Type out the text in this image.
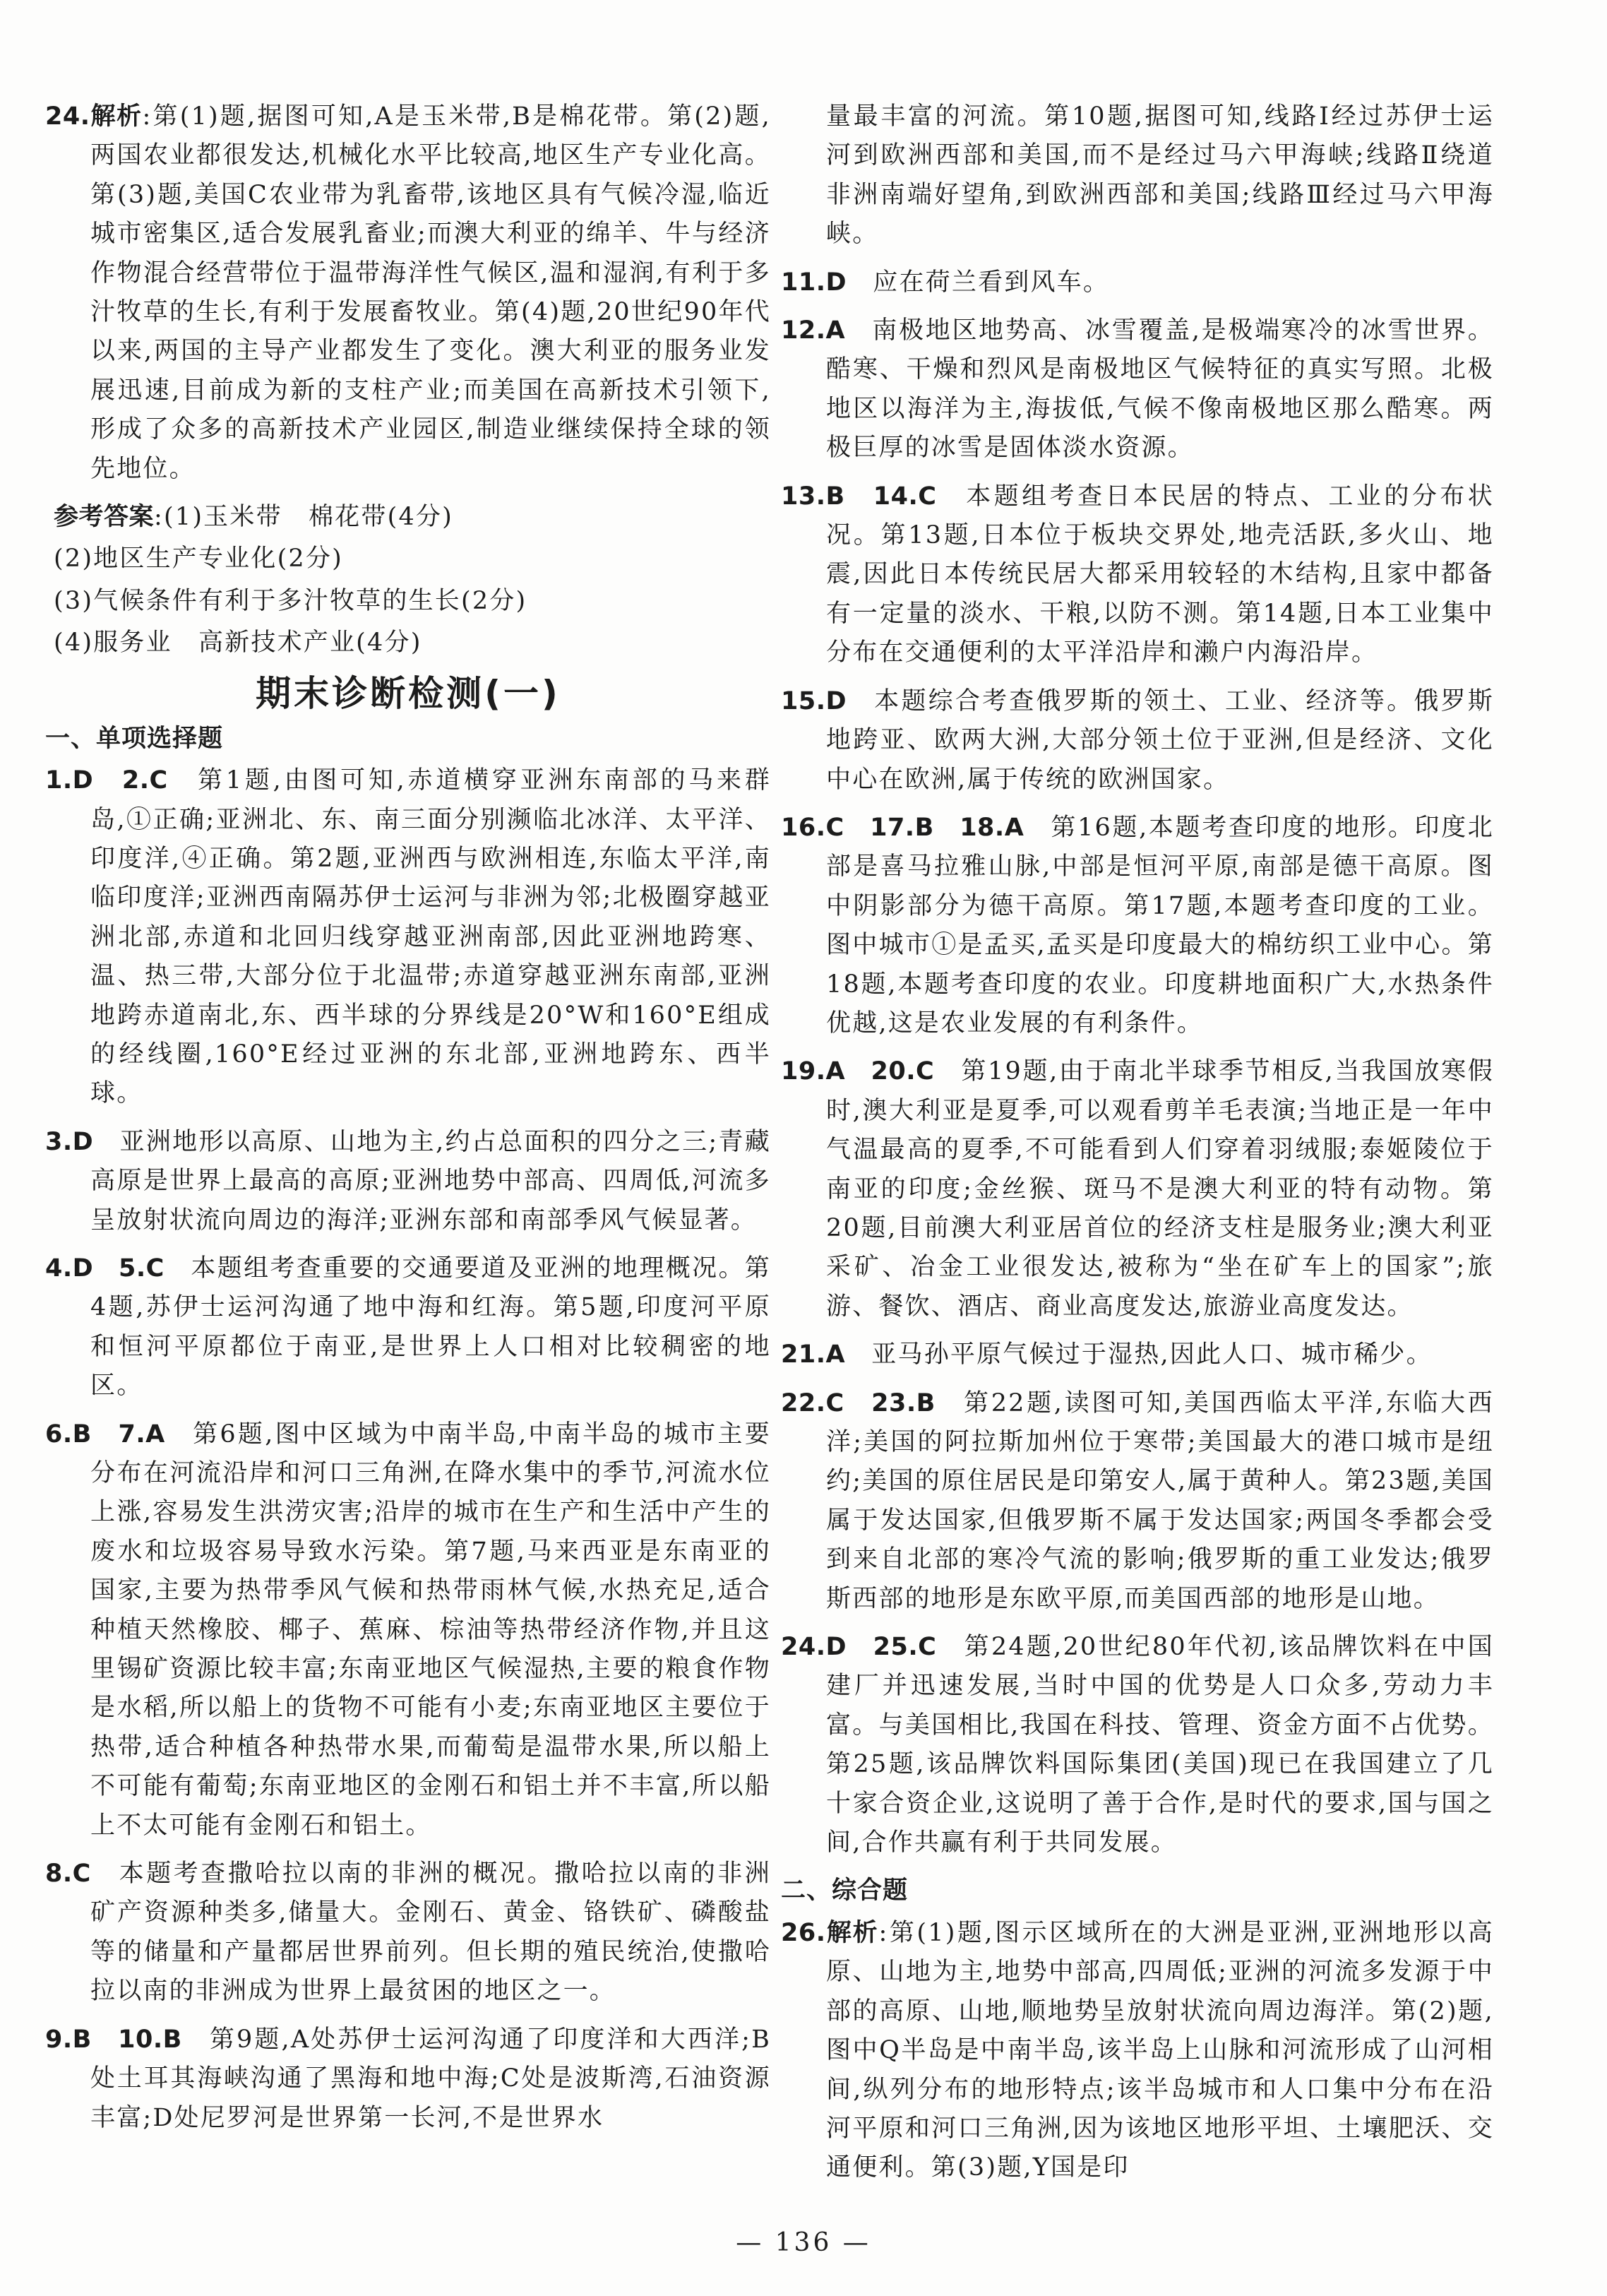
24.解析:第(1)题,据图可知,A是玉米带,B是棉花带。第(2)题,两国农业都很发达,机械化水平比较高,地区生产专业化高。第(3)题,美国C农业带为乳畜带,该地区具有气候冷湿,临近城市密集区,适合发展乳畜业;而澳大利亚的绵羊、牛与经济作物混合经营带位于温带海洋性气候区,温和湿润,有利于多汁牧草的生长,有利于发展畜牧业。第(4)题,20世纪90年代以来,两国的主导产业都发生了变化。澳大利亚的服务业发展迅速,目前成为新的支柱产业;而美国在高新技术引领下,形成了众多的高新技术产业园区,制造业继续保持全球的领先地位。

参考答案:(1)玉米带　棉花带(4分)

(2)地区生产专业化(2分)

(3)气候条件有利于多汁牧草的生长(2分)

(4)服务业　高新技术产业(4分)

期末诊断检测(一)
一、单项选择题

1.D　2.C　第1题,由图可知,赤道横穿亚洲东南部的马来群岛,①正确;亚洲北、东、南三面分别濒临北冰洋、太平洋、印度洋,④正确。第2题,亚洲西与欧洲相连,东临太平洋,南临印度洋;亚洲西南隔苏伊士运河与非洲为邻;北极圈穿越亚洲北部,赤道和北回归线穿越亚洲南部,因此亚洲地跨寒、温、热三带,大部分位于北温带;赤道穿越亚洲东南部,亚洲地跨赤道南北,东、西半球的分界线是20°W和160°E组成的经线圈,160°E经过亚洲的东北部,亚洲地跨东、西半球。

3.D　亚洲地形以高原、山地为主,约占总面积的四分之三;青藏高原是世界上最高的高原;亚洲地势中部高、四周低,河流多呈放射状流向周边的海洋;亚洲东部和南部季风气候显著。

4.D　5.C　本题组考查重要的交通要道及亚洲的地理概况。第4题,苏伊士运河沟通了地中海和红海。第5题,印度河平原和恒河平原都位于南亚,是世界上人口相对比较稠密的地区。

6.B　7.A　第6题,图中区域为中南半岛,中南半岛的城市主要分布在河流沿岸和河口三角洲,在降水集中的季节,河流水位上涨,容易发生洪涝灾害;沿岸的城市在生产和生活中产生的废水和垃圾容易导致水污染。第7题,马来西亚是东南亚的国家,主要为热带季风气候和热带雨林气候,水热充足,适合种植天然橡胶、椰子、蕉麻、棕油等热带经济作物,并且这里锡矿资源比较丰富;东南亚地区气候湿热,主要的粮食作物是水稻,所以船上的货物不可能有小麦;东南亚地区主要位于热带,适合种植各种热带水果,而葡萄是温带水果,所以船上不可能有葡萄;东南亚地区的金刚石和铝土并不丰富,所以船上不太可能有金刚石和铝土。

8.C　本题考查撒哈拉以南的非洲的概况。撒哈拉以南的非洲矿产资源种类多,储量大。金刚石、黄金、铬铁矿、磷酸盐等的储量和产量都居世界前列。但长期的殖民统治,使撒哈拉以南的非洲成为世界上最贫困的地区之一。

9.B　10.B　第9题,A处苏伊士运河沟通了印度洋和大西洋;B处土耳其海峡沟通了黑海和地中海;C处是波斯湾,石油资源丰富;D处尼罗河是世界第一长河,不是世界水

量最丰富的河流。第10题,据图可知,线路Ⅰ经过苏伊士运河到欧洲西部和美国,而不是经过马六甲海峡;线路Ⅱ绕道非洲南端好望角,到欧洲西部和美国;线路Ⅲ经过马六甲海峡。

11.D　应在荷兰看到风车。

12.A　南极地区地势高、冰雪覆盖,是极端寒冷的冰雪世界。酷寒、干燥和烈风是南极地区气候特征的真实写照。北极地区以海洋为主,海拔低,气候不像南极地区那么酷寒。两极巨厚的冰雪是固体淡水资源。

13.B　14.C　本题组考查日本民居的特点、工业的分布状况。第13题,日本位于板块交界处,地壳活跃,多火山、地震,因此日本传统民居大都采用较轻的木结构,且家中都备有一定量的淡水、干粮,以防不测。第14题,日本工业集中分布在交通便利的太平洋沿岸和濑户内海沿岸。

15.D　本题综合考查俄罗斯的领土、工业、经济等。俄罗斯地跨亚、欧两大洲,大部分领土位于亚洲,但是经济、文化中心在欧洲,属于传统的欧洲国家。

16.C　17.B　18.A　第16题,本题考查印度的地形。印度北部是喜马拉雅山脉,中部是恒河平原,南部是德干高原。图中阴影部分为德干高原。第17题,本题考查印度的工业。图中城市①是孟买,孟买是印度最大的棉纺织工业中心。第18题,本题考查印度的农业。印度耕地面积广大,水热条件优越,这是农业发展的有利条件。

19.A　20.C　第19题,由于南北半球季节相反,当我国放寒假时,澳大利亚是夏季,可以观看剪羊毛表演;当地正是一年中气温最高的夏季,不可能看到人们穿着羽绒服;泰姬陵位于南亚的印度;金丝猴、斑马不是澳大利亚的特有动物。第20题,目前澳大利亚居首位的经济支柱是服务业;澳大利亚采矿、冶金工业很发达,被称为“坐在矿车上的国家”;旅游、餐饮、酒店、商业高度发达,旅游业高度发达。

21.A　亚马孙平原气候过于湿热,因此人口、城市稀少。

22.C　23.B　第22题,读图可知,美国西临太平洋,东临大西洋;美国的阿拉斯加州位于寒带;美国最大的港口城市是纽约;美国的原住居民是印第安人,属于黄种人。第23题,美国属于发达国家,但俄罗斯不属于发达国家;两国冬季都会受到来自北部的寒冷气流的影响;俄罗斯的重工业发达;俄罗斯西部的地形是东欧平原,而美国西部的地形是山地。

24.D　25.C　第24题,20世纪80年代初,该品牌饮料在中国建厂并迅速发展,当时中国的优势是人口众多,劳动力丰富。与美国相比,我国在科技、管理、资金方面不占优势。第25题,该品牌饮料国际集团(美国)现已在我国建立了几十家合资企业,这说明了善于合作,是时代的要求,国与国之间,合作共赢有利于共同发展。

二、综合题

26.解析:第(1)题,图示区域所在的大洲是亚洲,亚洲地形以高原、山地为主,地势中部高,四周低;亚洲的河流多发源于中部的高原、山地,顺地势呈放射状流向周边海洋。第(2)题,图中Q半岛是中南半岛,该半岛上山脉和河流形成了山河相间,纵列分布的地形特点;该半岛城市和人口集中分布在沿河平原和河口三角洲,因为该地区地形平坦、土壤肥沃、交通便利。第(3)题,Y国是印

— 136 —
